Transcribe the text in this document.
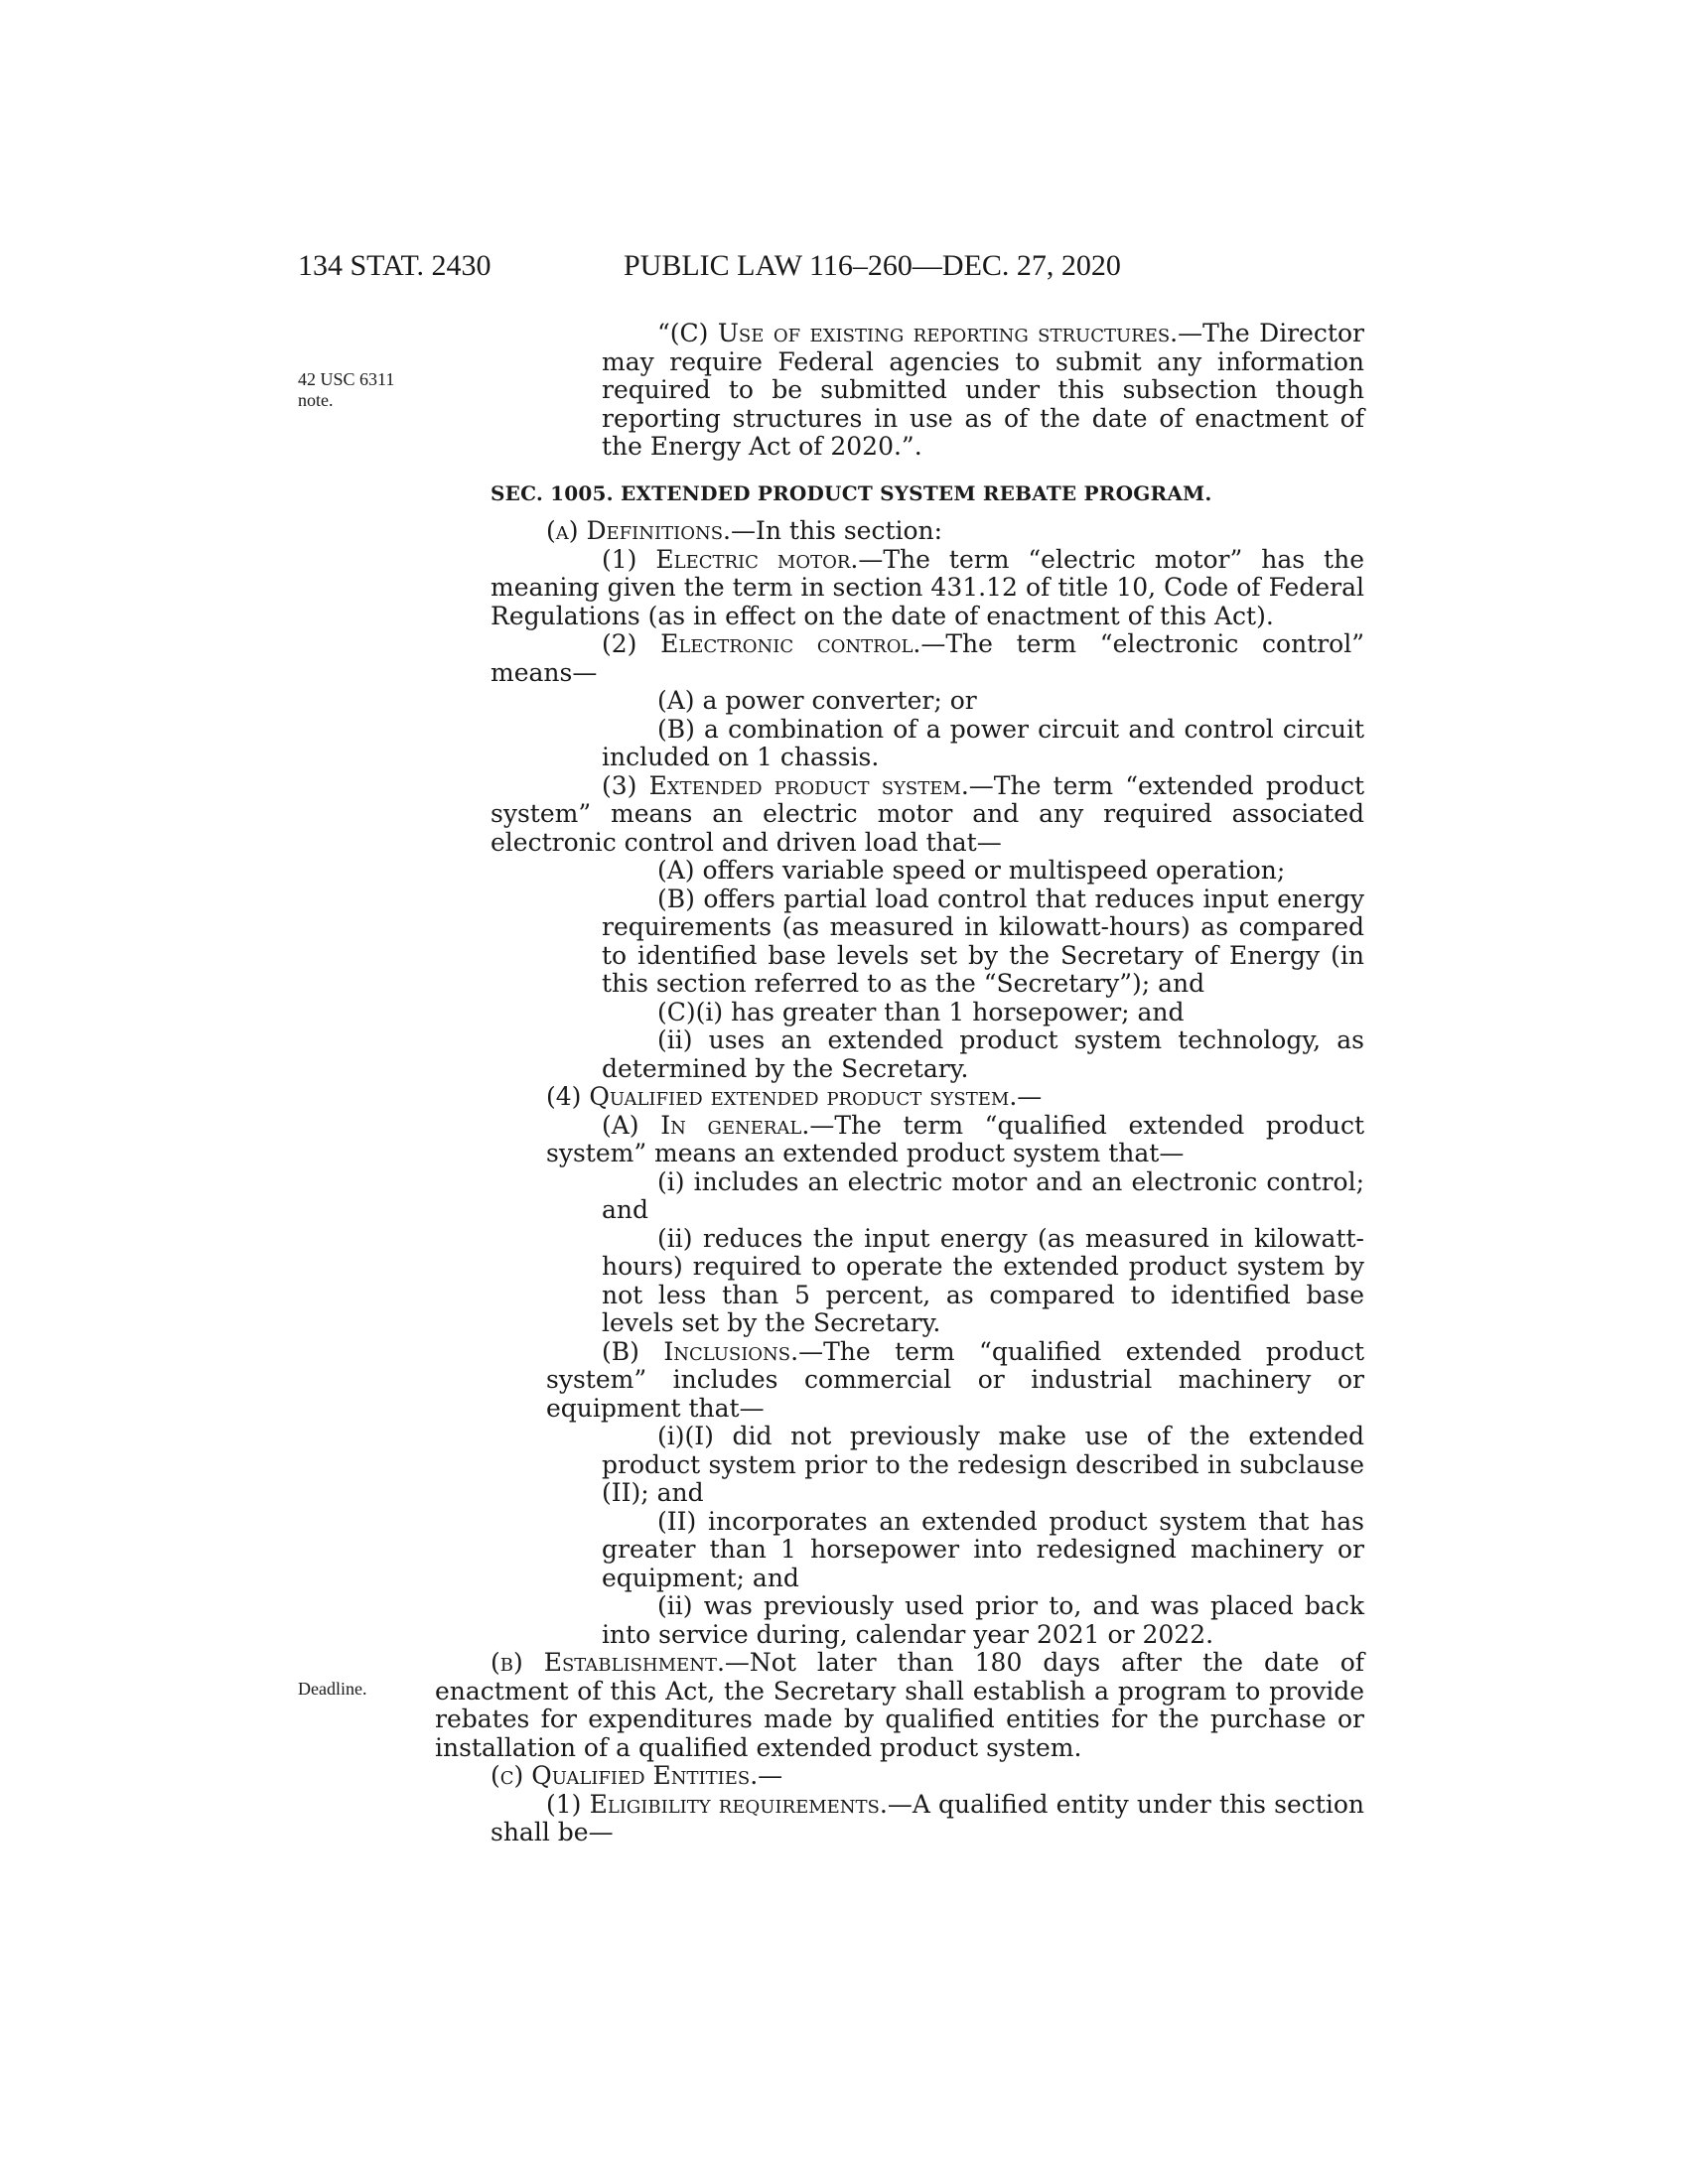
134 STAT. 2430	PUBLIC LAW 116–260—DEC. 27, 2020
42 USC 6311
note.
Deadline.

“(C) Use of existing reporting structures.—The Director may require Federal agencies to submit any information required to be submitted under this subsection though reporting structures in use as of the date of enactment of the Energy Act of 2020.”.

SEC. 1005. EXTENDED PRODUCT SYSTEM REBATE PROGRAM.

(a) Definitions.—In this section:

(1) Electric motor.—The term “electric motor” has the meaning given the term in section 431.12 of title 10, Code of Federal Regulations (as in effect on the date of enactment of this Act).

(2) Electronic control.—The term “electronic control” means—

(A) a power converter; or

(B) a combination of a power circuit and control circuit included on 1 chassis.

(3) Extended product system.—The term “extended product system” means an electric motor and any required associated electronic control and driven load that—

(A) offers variable speed or multispeed operation;

(B) offers partial load control that reduces input energy requirements (as measured in kilowatt-hours) as compared to identified base levels set by the Secretary of Energy (in this section referred to as the “Secretary”); and

(C)(i) has greater than 1 horsepower; and

(ii) uses an extended product system technology, as determined by the Secretary.

(4) Qualified extended product system.—

(A) In general.—The term “qualified extended product system” means an extended product system that—

(i) includes an electric motor and an electronic control; and

(ii) reduces the input energy (as measured in kilowatt-hours) required to operate the extended product system by not less than 5 percent, as compared to identified base levels set by the Secretary.

(B) Inclusions.—The term “qualified extended product system” includes commercial or industrial machinery or equipment that—

(i)(I) did not previously make use of the extended product system prior to the redesign described in subclause (II); and

(II) incorporates an extended product system that has greater than 1 horsepower into redesigned machinery or equipment; and

(ii) was previously used prior to, and was placed back into service during, calendar year 2021 or 2022.

(b) Establishment.—Not later than 180 days after the date of enactment of this Act, the Secretary shall establish a program to provide rebates for expenditures made by qualified entities for the purchase or installation of a qualified extended product system.

(c) Qualified Entities.—

(1) Eligibility requirements.—A qualified entity under this section shall be—
